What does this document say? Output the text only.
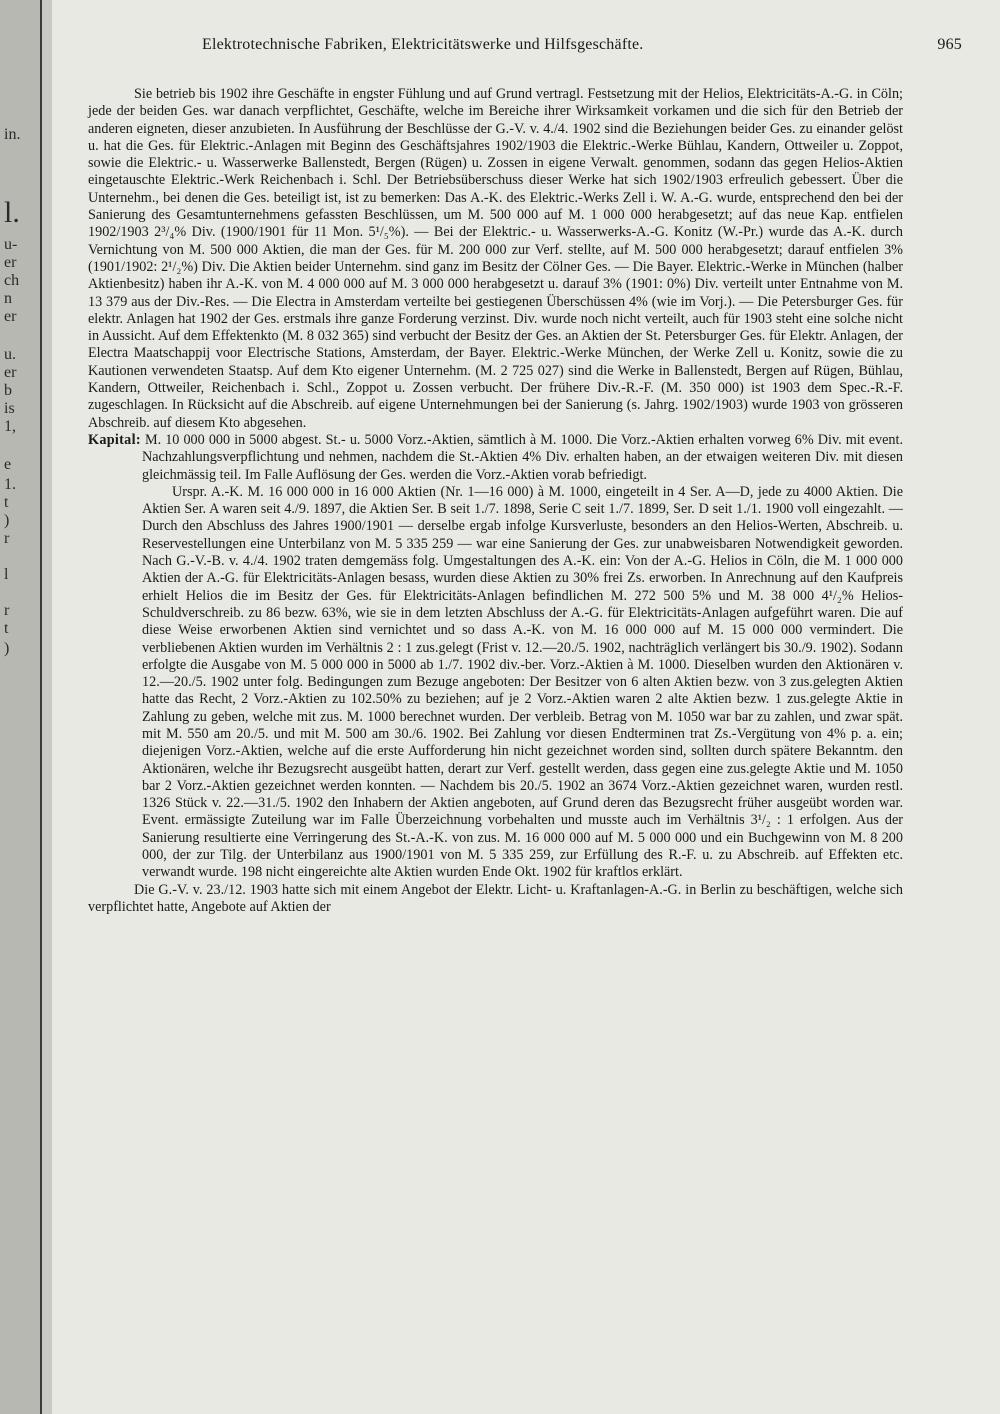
in.
l.
u-
er
ch
n
er
u.
er
b
is
1,
e
1.
t
)
r
l
r
t
)
Elektrotechnische Fabriken, Elektricitätswerke und Hilfsgeschäfte.	965

Sie betrieb bis 1902 ihre Geschäfte in engster Fühlung und auf Grund vertragl. Festsetzung mit der Helios, Elektricitäts-A.-G. in Cöln; jede der beiden Ges. war danach verpflichtet, Geschäfte, welche im Bereiche ihrer Wirksamkeit vorkamen und die sich für den Betrieb der anderen eigneten, dieser anzubieten. In Ausführung der Beschlüsse der G.-V. v. 4./4. 1902 sind die Beziehungen beider Ges. zu einander gelöst u. hat die Ges. für Elektric.-Anlagen mit Beginn des Geschäftsjahres 1902/1903 die Elektric.-Werke Bühlau, Kandern, Ottweiler u. Zoppot, sowie die Elektric.- u. Wasserwerke Ballenstedt, Bergen (Rügen) u. Zossen in eigene Verwalt. genommen, sodann das gegen Helios-Aktien eingetauschte Elektric.-Werk Reichenbach i. Schl. Der Betriebsüberschuss dieser Werke hat sich 1902/1903 erfreulich gebessert. Über die Unternehm., bei denen die Ges. beteiligt ist, ist zu bemerken: Das A.-K. des Elektric.-Werks Zell i. W. A.-G. wurde, entsprechend den bei der Sanierung des Gesamtunternehmens gefassten Beschlüssen, um M. 500 000 auf M. 1 000 000 herabgesetzt; auf das neue Kap. entfielen 1902/1903 2³/₄% Div. (1900/1901 für 11 Mon. 5¹/₅%). — Bei der Elektric.- u. Wasserwerks-A.-G. Konitz (W.-Pr.) wurde das A.-K. durch Vernichtung von M. 500 000 Aktien, die man der Ges. für M. 200 000 zur Verf. stellte, auf M. 500 000 herabgesetzt; darauf entfielen 3% (1901/1902: 2¹/₂%) Div. Die Aktien beider Unternehm. sind ganz im Besitz der Cölner Ges. — Die Bayer. Elektric.-Werke in München (halber Aktienbesitz) haben ihr A.-K. von M. 4 000 000 auf M. 3 000 000 herabgesetzt u. darauf 3% (1901: 0%) Div. verteilt unter Entnahme von M. 13 379 aus der Div.-Res. — Die Electra in Amsterdam verteilte bei gestiegenen Überschüssen 4% (wie im Vorj.). — Die Petersburger Ges. für elektr. Anlagen hat 1902 der Ges. erstmals ihre ganze Forderung verzinst. Div. wurde noch nicht verteilt, auch für 1903 steht eine solche nicht in Aussicht. Auf dem Effektenkto (M. 8 032 365) sind verbucht der Besitz der Ges. an Aktien der St. Petersburger Ges. für Elektr. Anlagen, der Electra Maatschappij voor Electrische Stations, Amsterdam, der Bayer. Elektric.-Werke München, der Werke Zell u. Konitz, sowie die zu Kautionen verwendeten Staatsp. Auf dem Kto eigener Unternehm. (M. 2 725 027) sind die Werke in Ballenstedt, Bergen auf Rügen, Bühlau, Kandern, Ottweiler, Reichenbach i. Schl., Zoppot u. Zossen verbucht. Der frühere Div.-R.-F. (M. 350 000) ist 1903 dem Spec.-R.-F. zugeschlagen. In Rücksicht auf die Abschreib. auf eigene Unternehmungen bei der Sanierung (s. Jahrg. 1902/1903) wurde 1903 von grösseren Abschreib. auf diesem Kto abgesehen.

Kapital: M. 10 000 000 in 5000 abgest. St.- u. 5000 Vorz.-Aktien, sämtlich à M. 1000. Die Vorz.-Aktien erhalten vorweg 6% Div. mit event. Nachzahlungsverpflichtung und nehmen, nachdem die St.-Aktien 4% Div. erhalten haben, an der etwaigen weiteren Div. mit diesen gleichmässig teil. Im Falle Auflösung der Ges. werden die Vorz.-Aktien vorab befriedigt.

Urspr. A.-K. M. 16 000 000 in 16 000 Aktien (Nr. 1—16 000) à M. 1000, eingeteilt in 4 Ser. A—D, jede zu 4000 Aktien. Die Aktien Ser. A waren seit 4./9. 1897, die Aktien Ser. B seit 1./7. 1898, Serie C seit 1./7. 1899, Ser. D seit 1./1. 1900 voll eingezahlt. — Durch den Abschluss des Jahres 1900/1901 — derselbe ergab infolge Kursverluste, besonders an den Helios-Werten, Abschreib. u. Reservestellungen eine Unterbilanz von M. 5 335 259 — war eine Sanierung der Ges. zur unabweisbaren Notwendigkeit geworden. Nach G.-V.-B. v. 4./4. 1902 traten demgemäss folg. Umgestaltungen des A.-K. ein: Von der A.-G. Helios in Cöln, die M. 1 000 000 Aktien der A.-G. für Elektricitäts-Anlagen besass, wurden diese Aktien zu 30% frei Zs. erworben. In Anrechnung auf den Kaufpreis erhielt Helios die im Besitz der Ges. für Elektricitäts-Anlagen befindlichen M. 272 500 5% und M. 38 000 4¹/₂% Helios-Schuldverschreib. zu 86 bezw. 63%, wie sie in dem letzten Abschluss der A.-G. für Elektricitäts-Anlagen aufgeführt waren. Die auf diese Weise erworbenen Aktien sind vernichtet und so dass A.-K. von M. 16 000 000 auf M. 15 000 000 vermindert. Die verbliebenen Aktien wurden im Verhältnis 2 : 1 zus.gelegt (Frist v. 12.—20./5. 1902, nachträglich verlängert bis 30./9. 1902). Sodann erfolgte die Ausgabe von M. 5 000 000 in 5000 ab 1./7. 1902 div.-ber. Vorz.-Aktien à M. 1000. Dieselben wurden den Aktionären v. 12.—20./5. 1902 unter folg. Bedingungen zum Bezuge angeboten: Der Besitzer von 6 alten Aktien bezw. von 3 zus.gelegten Aktien hatte das Recht, 2 Vorz.-Aktien zu 102.50% zu beziehen; auf je 2 Vorz.-Aktien waren 2 alte Aktien bezw. 1 zus.gelegte Aktie in Zahlung zu geben, welche mit zus. M. 1000 berechnet wurden. Der verbleib. Betrag von M. 1050 war bar zu zahlen, und zwar spät. mit M. 550 am 20./5. und mit M. 500 am 30./6. 1902. Bei Zahlung vor diesen Endterminen trat Zs.-Vergütung von 4% p. a. ein; diejenigen Vorz.-Aktien, welche auf die erste Aufforderung hin nicht gezeichnet worden sind, sollten durch spätere Bekanntm. den Aktionären, welche ihr Bezugsrecht ausgeübt hatten, derart zur Verf. gestellt werden, dass gegen eine zus.gelegte Aktie und M. 1050 bar 2 Vorz.-Aktien gezeichnet werden konnten. — Nachdem bis 20./5. 1902 an 3674 Vorz.-Aktien gezeichnet waren, wurden restl. 1326 Stück v. 22.—31./5. 1902 den Inhabern der Aktien angeboten, auf Grund deren das Bezugsrecht früher ausgeübt worden war. Event. ermässigte Zuteilung war im Falle Überzeichnung vorbehalten und musste auch im Verhältnis 3¹/₂ : 1 erfolgen. Aus der Sanierung resultierte eine Verringerung des St.-A.-K. von zus. M. 16 000 000 auf M. 5 000 000 und ein Buchgewinn von M. 8 200 000, der zur Tilg. der Unterbilanz aus 1900/1901 von M. 5 335 259, zur Erfüllung des R.-F. u. zu Abschreib. auf Effekten etc. verwandt wurde. 198 nicht eingereichte alte Aktien wurden Ende Okt. 1902 für kraftlos erklärt.

Die G.-V. v. 23./12. 1903 hatte sich mit einem Angebot der Elektr. Licht- u. Kraftanlagen-A.-G. in Berlin zu beschäftigen, welche sich verpflichtet hatte, Angebote auf Aktien der
